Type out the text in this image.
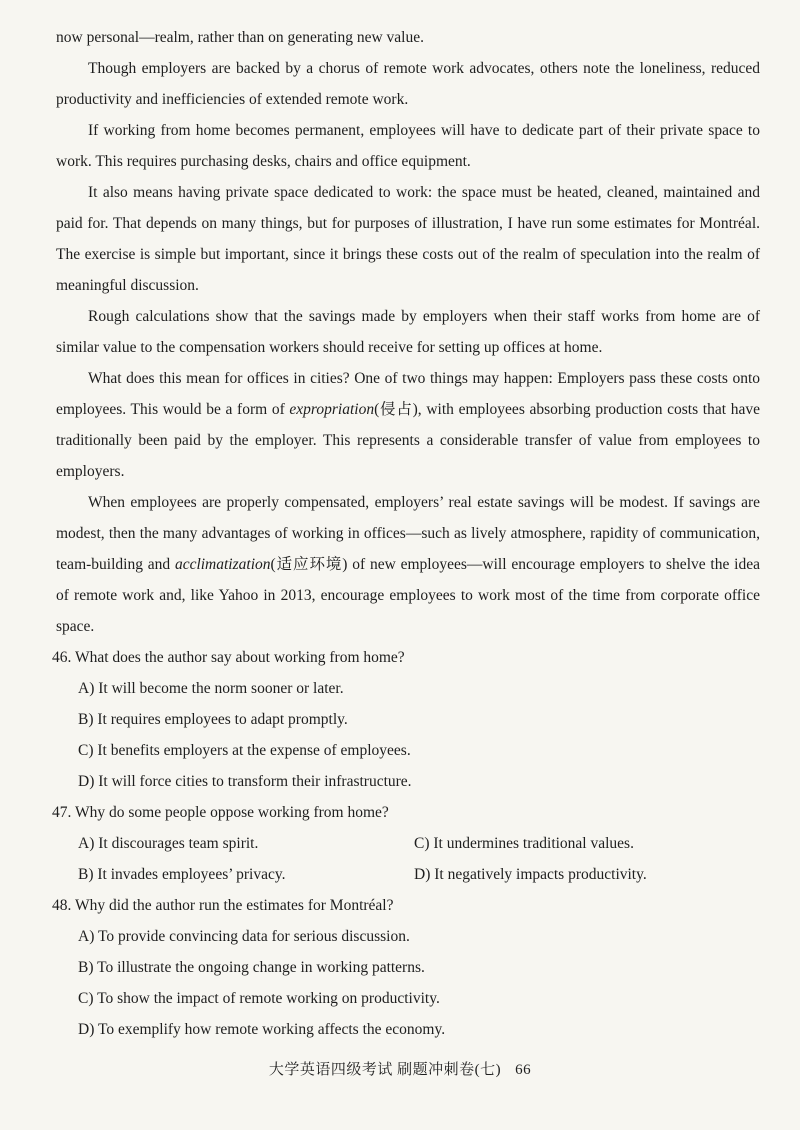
now personal—realm, rather than on generating new value.

Though employers are backed by a chorus of remote work advocates, others note the loneliness, reduced productivity and inefficiencies of extended remote work.

If working from home becomes permanent, employees will have to dedicate part of their private space to work. This requires purchasing desks, chairs and office equipment.

It also means having private space dedicated to work: the space must be heated, cleaned, maintained and paid for. That depends on many things, but for purposes of illustration, I have run some estimates for Montréal. The exercise is simple but important, since it brings these costs out of the realm of speculation into the realm of meaningful discussion.

Rough calculations show that the savings made by employers when their staff works from home are of similar value to the compensation workers should receive for setting up offices at home.

What does this mean for offices in cities? One of two things may happen: Employers pass these costs onto employees. This would be a form of expropriation(侵占), with employees absorbing production costs that have traditionally been paid by the employer. This represents a considerable transfer of value from employees to employers.

When employees are properly compensated, employers’ real estate savings will be modest. If savings are modest, then the many advantages of working in offices—such as lively atmosphere, rapidity of communication, team-building and acclimatization(适应环境) of new employees—will encourage employers to shelve the idea of remote work and, like Yahoo in 2013, encourage employees to work most of the time from corporate office space.

46. What does the author say about working from home?

A) It will become the norm sooner or later.
B) It requires employees to adapt promptly.
C) It benefits employers at the expense of employees.
D) It will force cities to transform their infrastructure.

47. Why do some people oppose working from home?

A) It discourages team spirit.	C) It undermines traditional values.
B) It invades employees’ privacy.	D) It negatively impacts productivity.

48. Why did the author run the estimates for Montréal?

A) To provide convincing data for serious discussion.
B) To illustrate the ongoing change in working patterns.
C) To show the impact of remote working on productivity.
D) To exemplify how remote working affects the economy.
大学英语四级考试 刷题冲刺卷(七) 66
